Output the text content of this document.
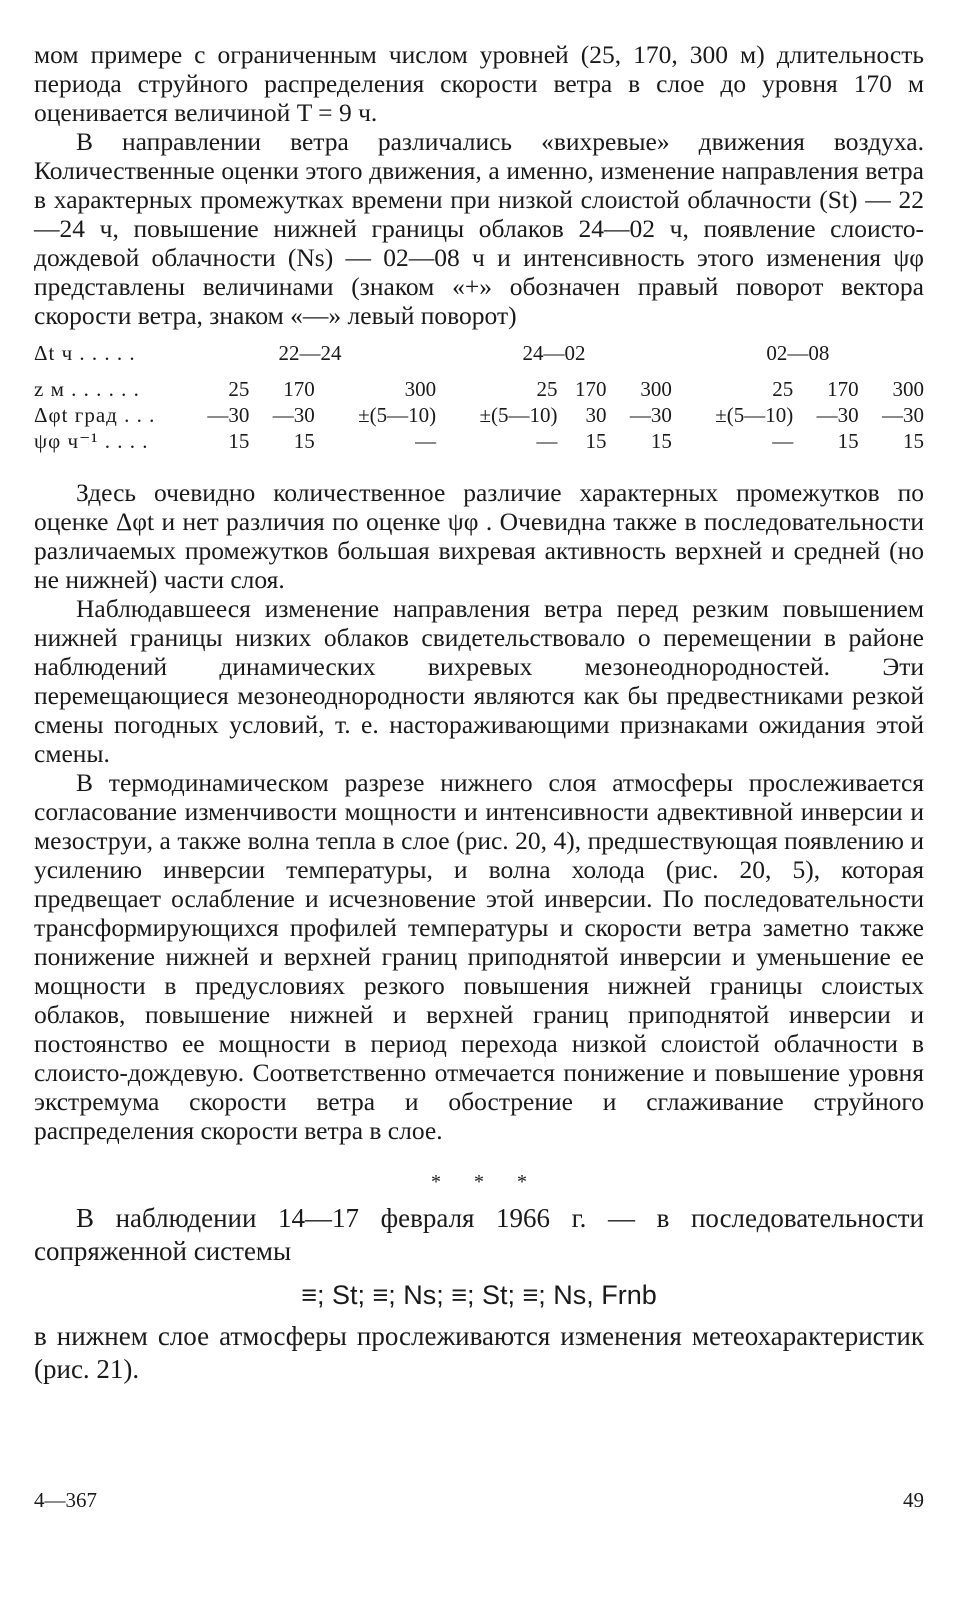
мом примере с ограниченным числом уровней (25, 170, 300 м) длительность периода струйного распределения скорости ветра в слое до уровня 170 м оценивается величиной T = 9 ч.

В направлении ветра различались «вихревые» движения воздуха. Количественные оценки этого движения, а именно, изменение направления ветра в характерных промежутках времени при низкой слоистой облачности (St) — 22—24 ч, повышение нижней границы облаков 24—02 ч, появление слоисто-дождевой облачности (Ns) — 02—08 ч и интенсивность этого изменения ψφ представлены величинами (знаком «+» обозначен правый поворот вектора скорости ветра, знаком «—» левый поворот)

Δt ч . . . . .	22—24			24—02			02—08		

z м . . . . . .	25	170	300	25	170	300	25	170	300
Δφt град . . .	—30	—30	±(5—10)	±(5—10)	30	—30	±(5—10)	—30	—30
ψφ ч⁻¹ . . . .	15	15	—	—	15	15	—	15	15

Здесь очевидно количественное различие характерных промежутков по оценке Δφt и нет различия по оценке ψφ . Очевидна также в последовательности различаемых промежутков большая вихревая активность верхней и средней (но не нижней) части слоя.

Наблюдавшееся изменение направления ветра перед резким повышением нижней границы низких облаков свидетельствовало о перемещении в районе наблюдений динамических вихревых мезонеоднородностей. Эти перемещающиеся мезонеоднородности являются как бы предвестниками резкой смены погодных условий, т. е. настораживающими признаками ожидания этой смены.

В термодинамическом разрезе нижнего слоя атмосферы прослеживается согласование изменчивости мощности и интенсивности адвективной инверсии и мезоструи, а также волна тепла в слое (рис. 20, 4), предшествующая появлению и усилению инверсии температуры, и волна холода (рис. 20, 5), которая предвещает ослабление и исчезновение этой инверсии. По последовательности трансформирующихся профилей температуры и скорости ветра заметно также понижение нижней и верхней границ приподнятой инверсии и уменьшение ее мощности в предусловиях резкого повышения нижней границы слоистых облаков, повышение нижней и верхней границ приподнятой инверсии и постоянство ее мощности в период перехода низкой слоистой облачности в слоисто-дождевую. Соответственно отмечается понижение и повышение уровня экстремума скорости ветра и обострение и сглаживание струйного распределения скорости ветра в слое.

* * *

В наблюдении 14—17 февраля 1966 г. — в последовательности сопряженной системы

≡; St; ≡; Ns; ≡; St; ≡; Ns, Frnb

в нижнем слое атмосферы прослеживаются изменения метеохарактеристик (рис. 21).

4—367	49
